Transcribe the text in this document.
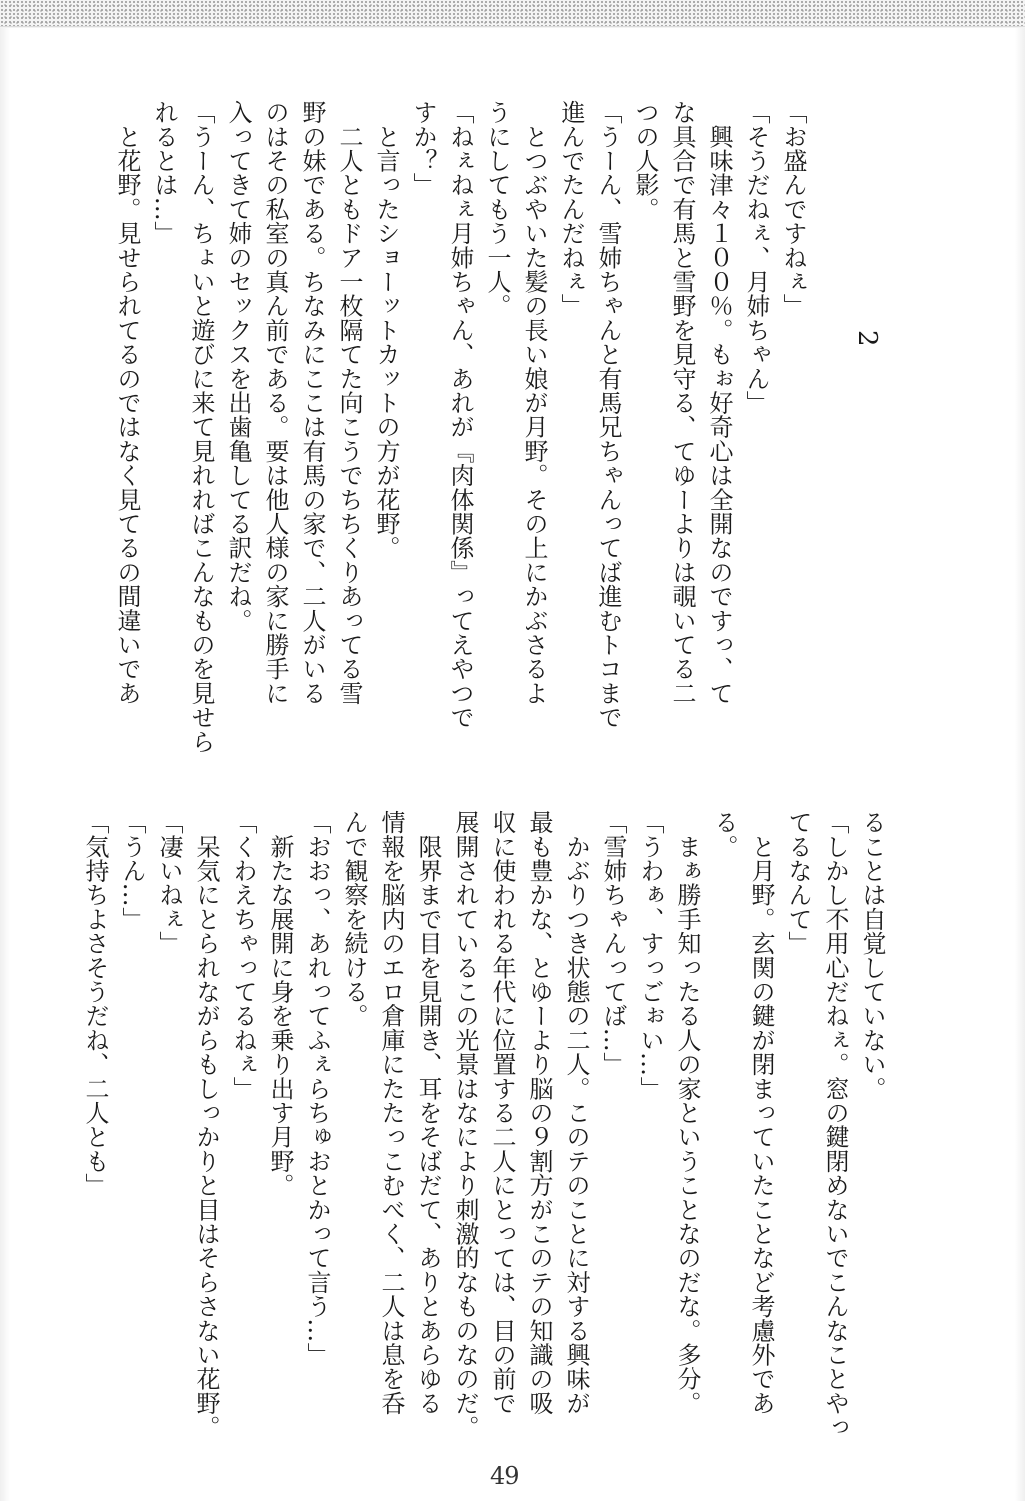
2

「お盛んですねぇ」
「そうだねぇ、月姉ちゃん」
　興味津々１００％。もぉ好奇心は全開なのですっ、て
な具合で有馬と雪野を見守る、てゆーよりは覗いてる二
つの人影。
「うーん、雪姉ちゃんと有馬兄ちゃんってば進むトコまで
進んでたんだねぇ」
　とつぶやいた髪の長い娘が月野。その上にかぶさるよ
うにしてもう一人。
「ねぇねぇ月姉ちゃん、あれが『肉体関係』ってえやつで
すか？」
　と言ったショーットカットの方が花野。
　二人ともドア一枚隔てた向こうでちちくりあってる雪
野の妹である。ちなみにここは有馬の家で、二人がいる
のはその私室の真ん前である。要は他人様の家に勝手に
入ってきて姉のセックスを出歯亀してる訳だね。
「うーん、ちょいと遊びに来て見れればこんなものを見せら
れるとは…」
　と花野。見せられてるのではなく見てるの間違いであ
ることは自覚していない。
「しかし不用心だねぇ。窓の鍵閉めないでこんなことやっ
てるなんて」
　と月野。玄関の鍵が閉まっていたことなど考慮外であ
る。
　まぁ勝手知ったる人の家ということなのだな。多分。
「うわぁ、すっごぉい…」
「雪姉ちゃんってば…」
　かぶりつき状態の二人。このテのことに対する興味が
最も豊かな、とゆーより脳の９割方がこのテの知識の吸
収に使われる年代に位置する二人にとっては、目の前で
展開されているこの光景はなにより刺激的なものなのだ。
　限界まで目を見開き、耳をそばだて、ありとあらゆる
情報を脳内のエロ倉庫にたたっこむべく、二人は息を呑
んで観察を続ける。
「おおっ、あれってふぇらちゅおとかって言う…」
　新たな展開に身を乗り出す月野。
「くわえちゃってるねぇ」
　呆気にとられながらもしっかりと目はそらさない花野。
「凄いねぇ」
「うん…」
「気持ちよさそうだね、二人とも」
49
